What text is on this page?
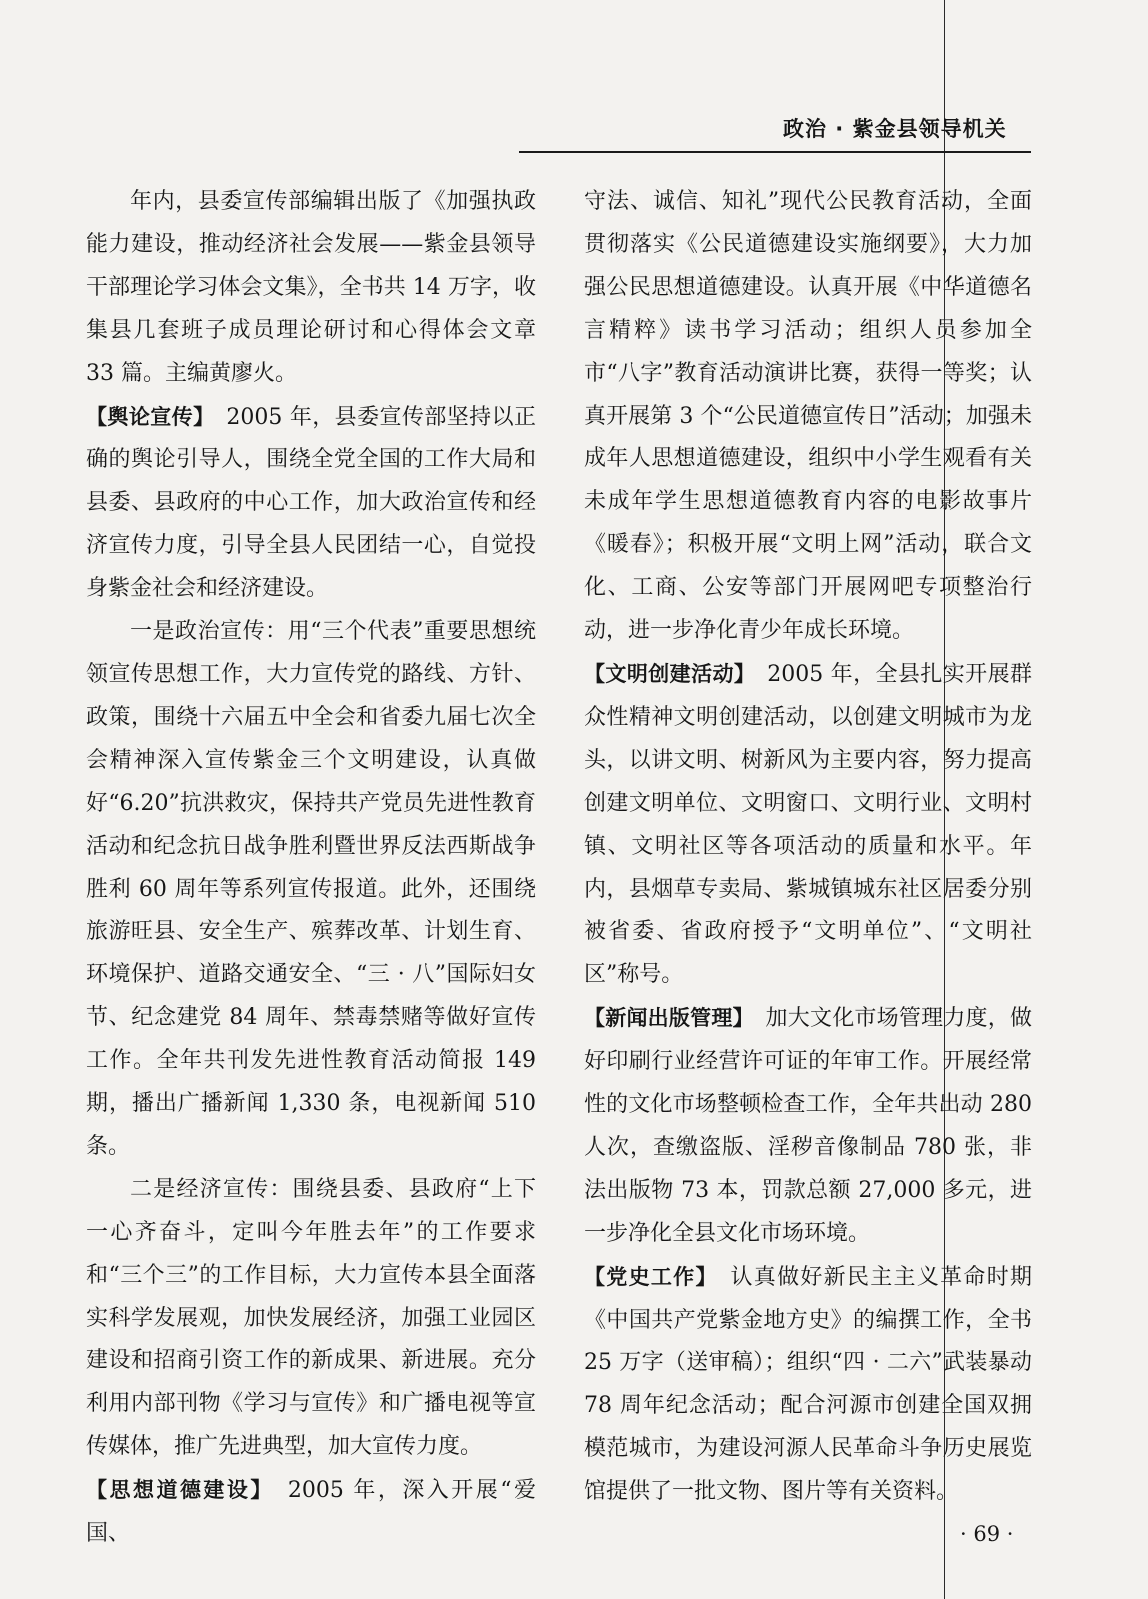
政治 · 紫金县领导机关

年内，县委宣传部编辑出版了《加强执政能力建设，推动经济社会发展——紫金县领导干部理论学习体会文集》，全书共 14 万字，收集县几套班子成员理论研讨和心得体会文章 33 篇。主编黄廖火。

【舆论宣传】　2005 年，县委宣传部坚持以正确的舆论引导人，围绕全党全国的工作大局和县委、县政府的中心工作，加大政治宣传和经济宣传力度，引导全县人民团结一心，自觉投身紫金社会和经济建设。

一是政治宣传：用“三个代表”重要思想统领宣传思想工作，大力宣传党的路线、方针、政策，围绕十六届五中全会和省委九届七次全会精神深入宣传紫金三个文明建设，认真做好“6.20”抗洪救灾，保持共产党员先进性教育活动和纪念抗日战争胜利暨世界反法西斯战争胜利 60 周年等系列宣传报道。此外，还围绕旅游旺县、安全生产、殡葬改革、计划生育、环境保护、道路交通安全、“三 · 八”国际妇女节、纪念建党 84 周年、禁毒禁赌等做好宣传工作。全年共刊发先进性教育活动简报 149 期，播出广播新闻 1,330 条，电视新闻 510 条。

二是经济宣传：围绕县委、县政府“上下一心齐奋斗，定叫今年胜去年”的工作要求和“三个三”的工作目标，大力宣传本县全面落实科学发展观，加快发展经济，加强工业园区建设和招商引资工作的新成果、新进展。充分利用内部刊物《学习与宣传》和广播电视等宣传媒体，推广先进典型，加大宣传力度。

【思想道德建设】　2005 年，深入开展“爱国、

守法、诚信、知礼”现代公民教育活动，全面贯彻落实《公民道德建设实施纲要》，大力加强公民思想道德建设。认真开展《中华道德名言精粹》读书学习活动；组织人员参加全市“八字”教育活动演讲比赛，获得一等奖；认真开展第 3 个“公民道德宣传日”活动；加强未成年人思想道德建设，组织中小学生观看有关未成年学生思想道德教育内容的电影故事片《暖春》；积极开展“文明上网”活动，联合文化、工商、公安等部门开展网吧专项整治行动，进一步净化青少年成长环境。

【文明创建活动】　2005 年，全县扎实开展群众性精神文明创建活动，以创建文明城市为龙头，以讲文明、树新风为主要内容，努力提高创建文明单位、文明窗口、文明行业、文明村镇、文明社区等各项活动的质量和水平。年内，县烟草专卖局、紫城镇城东社区居委分别被省委、省政府授予“文明单位”、“文明社区”称号。

【新闻出版管理】　加大文化市场管理力度，做好印刷行业经营许可证的年审工作。开展经常性的文化市场整顿检查工作，全年共出动 280 人次，查缴盗版、淫秽音像制品 780 张，非法出版物 73 本，罚款总额 27,000 多元，进一步净化全县文化市场环境。

【党史工作】　认真做好新民主主义革命时期《中国共产党紫金地方史》的编撰工作，全书 25 万字（送审稿）；组织“四 · 二六”武装暴动 78 周年纪念活动；配合河源市创建全国双拥模范城市，为建设河源人民革命斗争历史展览馆提供了一批文物、图片等有关资料。

· 69 ·
